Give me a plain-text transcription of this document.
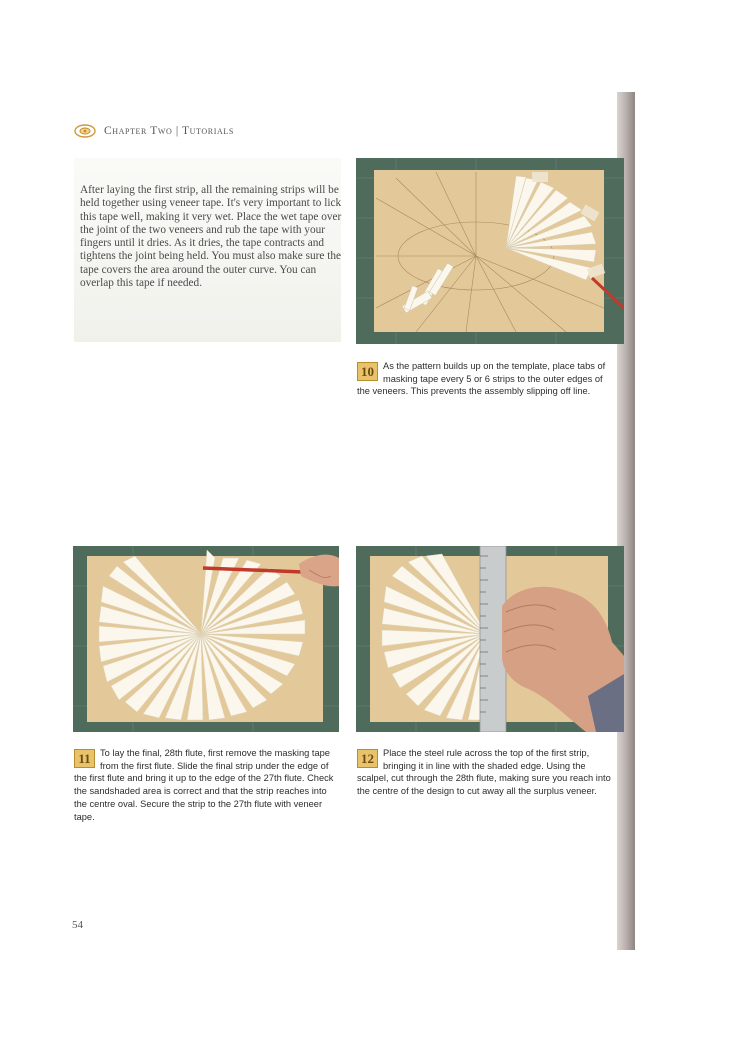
Chapter Two | Tutorials
After laying the first strip, all the remaining strips will be held together using veneer tape. It's very important to lick this tape well, making it very wet. Place the wet tape over the joint of the two veneers and rub the tape with your fingers until it dries. As it dries, the tape contracts and tightens the joint being held. You must also make sure the tape covers the area around the outer curve. You can overlap this tape if needed.
10 As the pattern builds up on the template, place tabs of masking tape every 5 or 6 strips to the outer edges of the veneers. This prevents the assembly slipping off line.
11	To lay the final, 28th flute, first remove the masking tape from the first flute. Slide the final strip under the edge of the first flute and bring it up to the edge of the 27th flute. Check the sandshaded area is correct and that the strip reaches into the centre oval. Secure the strip to the 27th flute with veneer tape.
12 Place the steel rule across the top of the first strip, bringing it in line with the shaded edge. Using the scalpel, cut through the 28th flute, making sure you reach into the centre of the design to cut away all the surplus veneer.
54
